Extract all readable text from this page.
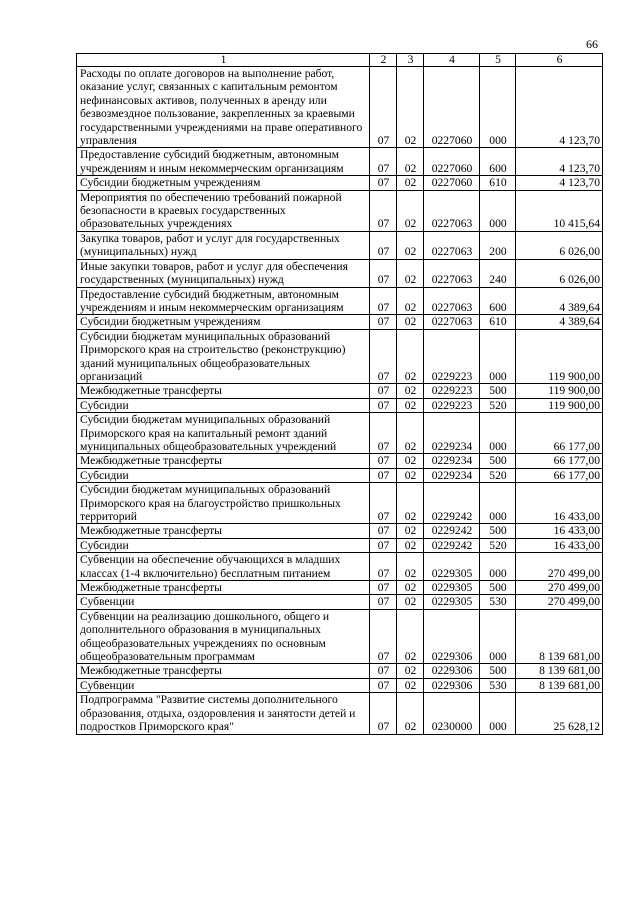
66
1	2	3	4	5	6
Расходы по оплате договоров на выполнение работ, оказание услуг, связанных с капитальным ремонтом нефинансовых активов, полученных в аренду или безвозмездное пользование, закрепленных за краевыми государственными учреждениями на праве оперативного управления	07	02	0227060	000	4 123,70
Предоставление субсидий бюджетным, автономным учреждениям и иным некоммерческим организациям	07	02	0227060	600	4 123,70
Субсидии бюджетным учреждениям	07	02	0227060	610	4 123,70
Мероприятия по обеспечению требований пожарной безопасности в краевых государственных образовательных учреждениях	07	02	0227063	000	10 415,64
Закупка товаров, работ и услуг для государственных (муниципальных) нужд	07	02	0227063	200	6 026,00
Иные закупки товаров, работ и услуг для обеспечения государственных (муниципальных) нужд	07	02	0227063	240	6 026,00
Предоставление субсидий бюджетным, автономным учреждениям и иным некоммерческим организациям	07	02	0227063	600	4 389,64
Субсидии бюджетным учреждениям	07	02	0227063	610	4 389,64
Субсидии бюджетам муниципальных образований Приморского края на строительство (реконструкцию) зданий муниципальных общеобразовательных организаций	07	02	0229223	000	119 900,00
Межбюджетные трансферты	07	02	0229223	500	119 900,00
Субсидии	07	02	0229223	520	119 900,00
Субсидии бюджетам муниципальных образований Приморского края на капитальный ремонт зданий муниципальных общеобразовательных учреждений	07	02	0229234	000	66 177,00
Межбюджетные трансферты	07	02	0229234	500	66 177,00
Субсидии	07	02	0229234	520	66 177,00
Субсидии бюджетам муниципальных образований Приморского края на благоустройство пришкольных территорий	07	02	0229242	000	16 433,00
Межбюджетные трансферты	07	02	0229242	500	16 433,00
Субсидии	07	02	0229242	520	16 433,00
Субвенции на обеспечение обучающихся в младших классах (1-4 включительно) бесплатным питанием	07	02	0229305	000	270 499,00
Межбюджетные трансферты	07	02	0229305	500	270 499,00
Субвенции	07	02	0229305	530	270 499,00
Субвенции на реализацию дошкольного, общего и дополнительного образования в муниципальных общеобразовательных учреждениях по основным общеобразовательным программам	07	02	0229306	000	8 139 681,00
Межбюджетные трансферты	07	02	0229306	500	8 139 681,00
Субвенции	07	02	0229306	530	8 139 681,00
Подпрограмма "Развитие системы дополнительного образования, отдыха, оздоровления и занятости детей и подростков Приморского края"	07	02	0230000	000	25 628,12
